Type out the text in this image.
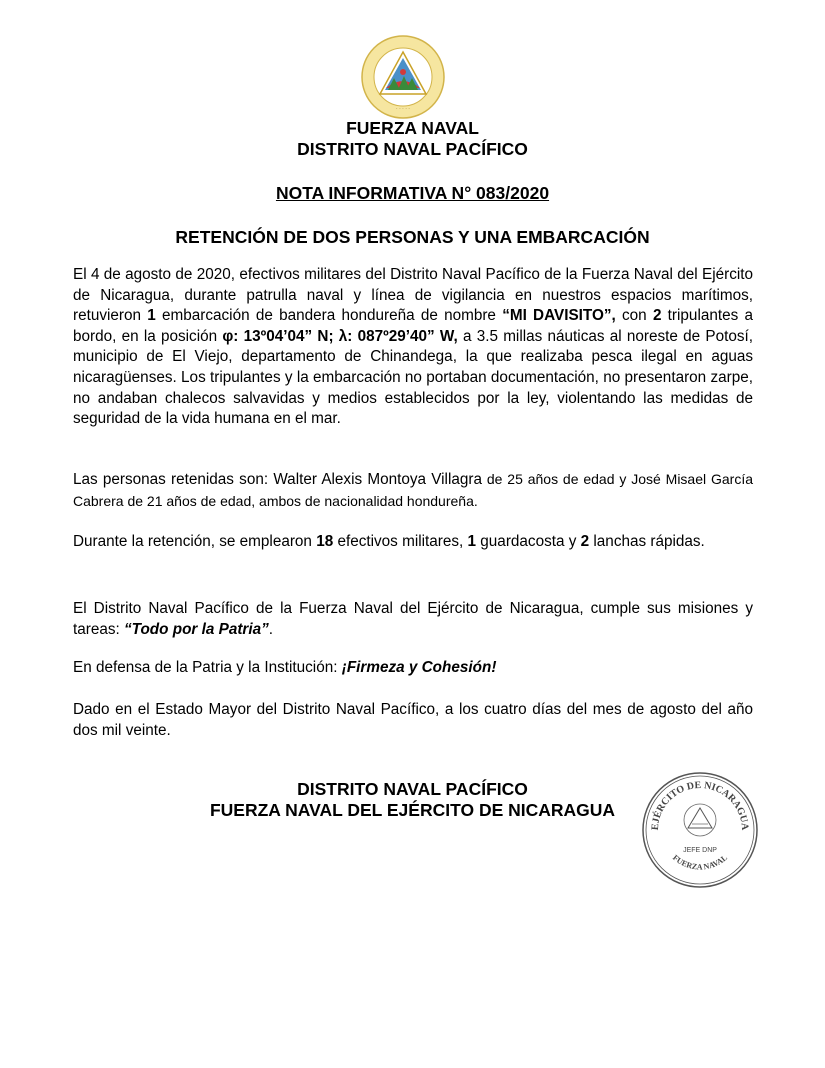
· · · · ·
FUERZA NAVAL
DISTRITO NAVAL PACÍFICO
NOTA INFORMATIVA N° 083/2020
RETENCIÓN DE DOS PERSONAS Y UNA EMBARCACIÓN

El 4 de agosto de 2020, efectivos militares del Distrito Naval Pacífico de la Fuerza Naval del Ejército de Nicaragua, durante patrulla naval y línea de vigilancia en nuestros espacios marítimos, retuvieron 1 embarcación de bandera hondureña de nombre “MI DAVISITO”, con 2 tripulantes a bordo, en la posición φ: 13º04’04” N; λ: 087º29’40” W, a 3.5 millas náuticas al noreste de Potosí, municipio de El Viejo, departamento de Chinandega, la que realizaba pesca ilegal en aguas nicaragüenses. Los tripulantes y la embarcación no portaban documentación, no presentaron zarpe, no andaban chalecos salvavidas y medios establecidos por la ley, violentando las medidas de seguridad de la vida humana en el mar.

Las personas retenidas son: Walter Alexis Montoya Villagra de 25 años de edad y José Misael García Cabrera de 21 años de edad, ambos de nacionalidad hondureña.

Durante la retención, se emplearon 18 efectivos militares, 1 guardacosta y 2 lanchas rápidas.

El Distrito Naval Pacífico de la Fuerza Naval del Ejército de Nicaragua, cumple sus misiones y tareas: “Todo por la Patria”.

En defensa de la Patria y la Institución: ¡Firmeza y Cohesión!

Dado en el Estado Mayor del Distrito Naval Pacífico, a los cuatro días del mes de agosto del año dos mil veinte.

DISTRITO NAVAL PACÍFICO
FUERZA NAVAL DEL EJÉRCITO DE NICARAGUA
EJÉRCITO DE NICARAGUA
FUERZA NAVAL
JEFE DNP
